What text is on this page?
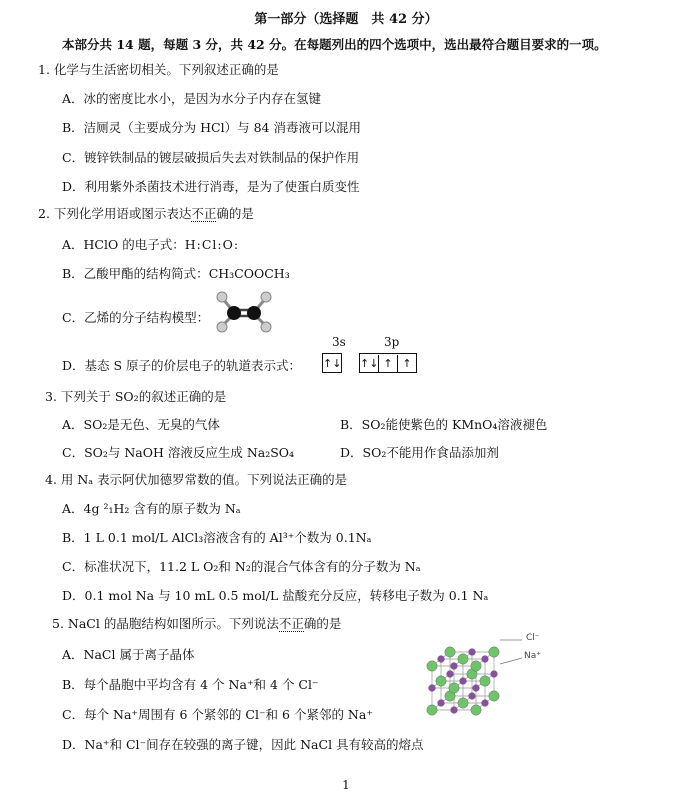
第一部分（选择题　共 42 分）
本部分共 14 题，每题 3 分，共 42 分。在每题列出的四个选项中，选出最符合题目要求的一项。
1. 化学与生活密切相关。下列叙述正确的是
A．冰的密度比水小，是因为水分子内存在氢键
B．洁厕灵（主要成分为 HCl）与 84 消毒液可以混用
C．镀锌铁制品的镀层破损后失去对铁制品的保护作用
D．利用紫外杀菌技术进行消毒，是为了使蛋白质变性
2. 下列化学用语或图示表达不正确的是
A．HClO 的电子式：H:Cl:O:
B．乙酸甲酯的结构简式：CH₃COOCH₃
C．乙烯的分子结构模型：
3s	3p
D．基态 S 原子的价层电子的轨道表示式： ↑↓ ↑↓ ↑ ↑
3. 下列关于 SO₂的叙述正确的是
A．SO₂是无色、无臭的气体	B．SO₂能使紫色的 KMnO₄溶液褪色
C．SO₂与 NaOH 溶液反应生成 Na₂SO₄	D．SO₂不能用作食品添加剂
4. 用 Nₐ 表示阿伏加德罗常数的值。下列说法正确的是
A．4g ²₁H₂ 含有的原子数为 Nₐ
B．1 L 0.1 mol/L AlCl₃溶液含有的 Al³⁺个数为 0.1Nₐ
C．标准状况下，11.2 L O₂和 N₂的混合气体含有的分子数为 Nₐ
D．0.1 mol Na 与 10 mL 0.5 mol/L 盐酸充分反应，转移电子数为 0.1 Nₐ
5. NaCl 的晶胞结构如图所示。下列说法不正确的是
A．NaCl 属于离子晶体
B．每个晶胞中平均含有 4 个 Na⁺和 4 个 Cl⁻
C．每个 Na⁺周围有 6 个紧邻的 Cl⁻和 6 个紧邻的 Na⁺
D．Na⁺和 Cl⁻间存在较强的离子键，因此 NaCl 具有较高的熔点
Cl⁻
Na⁺
1
